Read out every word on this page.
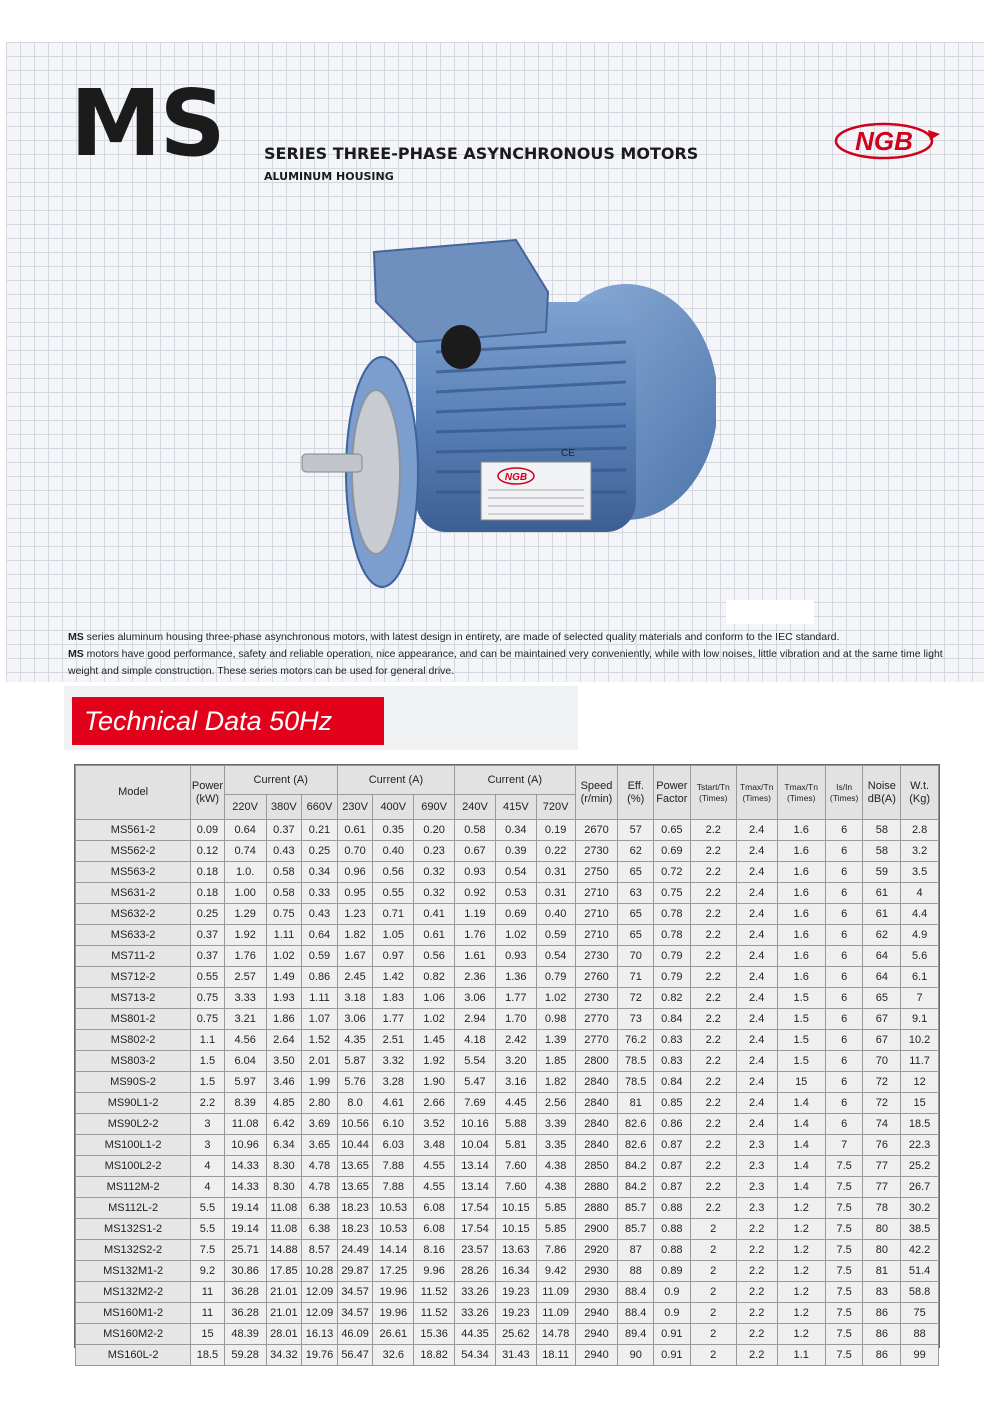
MS	SERIES THREE-PHASE ASYNCHRONOUS MOTORS
ALUMINUM HOUSING
NGB
NGB
CE

MS series aluminum housing three-phase asynchronous motors, with latest design in entirety, are made of selected quality materials and conform to the IEC standard.

MS motors have good performance, safety and reliable operation, nice appearance, and can be maintained very conveniently, while with low noises, little vibration and at the same time light weight and simple construction. These series motors can be used for general drive.

Technical Data 50Hz
Model	Power (kW)	Current (A)			Current (A)			Current (A)			Speed (r/min)	Eff. (%)	Power Factor	Tstart/Tn (Times)	Tmax/Tn (Times)	Tmax/Tn (Times)	Is/In (Times)	Noise dB(A)	W.t. (Kg)
		220V	380V	660V	230V	400V	690V	240V	415V	720V									
MS561-2	0.09	0.64	0.37	0.21	0.61	0.35	0.20	0.58	0.34	0.19	2670	57	0.65	2.2	2.4	1.6	6	58	2.8
MS562-2	0.12	0.74	0.43	0.25	0.70	0.40	0.23	0.67	0.39	0.22	2730	62	0.69	2.2	2.4	1.6	6	58	3.2
MS563-2	0.18	1.0.	0.58	0.34	0.96	0.56	0.32	0.93	0.54	0.31	2750	65	0.72	2.2	2.4	1.6	6	59	3.5
MS631-2	0.18	1.00	0.58	0.33	0.95	0.55	0.32	0.92	0.53	0.31	2710	63	0.75	2.2	2.4	1.6	6	61	4
MS632-2	0.25	1.29	0.75	0.43	1.23	0.71	0.41	1.19	0.69	0.40	2710	65	0.78	2.2	2.4	1.6	6	61	4.4
MS633-2	0.37	1.92	1.11	0.64	1.82	1.05	0.61	1.76	1.02	0.59	2710	65	0.78	2.2	2.4	1.6	6	62	4.9
MS711-2	0.37	1.76	1.02	0.59	1.67	0.97	0.56	1.61	0.93	0.54	2730	70	0.79	2.2	2.4	1.6	6	64	5.6
MS712-2	0.55	2.57	1.49	0.86	2.45	1.42	0.82	2.36	1.36	0.79	2760	71	0.79	2.2	2.4	1.6	6	64	6.1
MS713-2	0.75	3.33	1.93	1.11	3.18	1.83	1.06	3.06	1.77	1.02	2730	72	0.82	2.2	2.4	1.5	6	65	7
MS801-2	0.75	3.21	1.86	1.07	3.06	1.77	1.02	2.94	1.70	0.98	2770	73	0.84	2.2	2.4	1.5	6	67	9.1
MS802-2	1.1	4.56	2.64	1.52	4.35	2.51	1.45	4.18	2.42	1.39	2770	76.2	0.83	2.2	2.4	1.5	6	67	10.2
MS803-2	1.5	6.04	3.50	2.01	5.87	3.32	1.92	5.54	3.20	1.85	2800	78.5	0.83	2.2	2.4	1.5	6	70	11.7
MS90S-2	1.5	5.97	3.46	1.99	5.76	3.28	1.90	5.47	3.16	1.82	2840	78.5	0.84	2.2	2.4	15	6	72	12
MS90L1-2	2.2	8.39	4.85	2.80	8.0	4.61	2.66	7.69	4.45	2.56	2840	81	0.85	2.2	2.4	1.4	6	72	15
MS90L2-2	3	11.08	6.42	3.69	10.56	6.10	3.52	10.16	5.88	3.39	2840	82.6	0.86	2.2	2.4	1.4	6	74	18.5
MS100L1-2	3	10.96	6.34	3.65	10.44	6.03	3.48	10.04	5.81	3.35	2840	82.6	0.87	2.2	2.3	1.4	7	76	22.3
MS100L2-2	4	14.33	8.30	4.78	13.65	7.88	4.55	13.14	7.60	4.38	2850	84.2	0.87	2.2	2.3	1.4	7.5	77	25.2
MS112M-2	4	14.33	8.30	4.78	13.65	7.88	4.55	13.14	7.60	4.38	2880	84.2	0.87	2.2	2.3	1.4	7.5	77	26.7
MS112L-2	5.5	19.14	11.08	6.38	18.23	10.53	6.08	17.54	10.15	5.85	2880	85.7	0.88	2.2	2.3	1.2	7.5	78	30.2
MS132S1-2	5.5	19.14	11.08	6.38	18.23	10.53	6.08	17.54	10.15	5.85	2900	85.7	0.88	2	2.2	1.2	7.5	80	38.5
MS132S2-2	7.5	25.71	14.88	8.57	24.49	14.14	8.16	23.57	13.63	7.86	2920	87	0.88	2	2.2	1.2	7.5	80	42.2
MS132M1-2	9.2	30.86	17.85	10.28	29.87	17.25	9.96	28.26	16.34	9.42	2930	88	0.89	2	2.2	1.2	7.5	81	51.4
MS132M2-2	11	36.28	21.01	12.09	34.57	19.96	11.52	33.26	19.23	11.09	2930	88.4	0.9	2	2.2	1.2	7.5	83	58.8
MS160M1-2	11	36.28	21.01	12.09	34.57	19.96	11.52	33.26	19.23	11.09	2940	88.4	0.9	2	2.2	1.2	7.5	86	75
MS160M2-2	15	48.39	28.01	16.13	46.09	26.61	15.36	44.35	25.62	14.78	2940	89.4	0.91	2	2.2	1.2	7.5	86	88
MS160L-2	18.5	59.28	34.32	19.76	56.47	32.6	18.82	54.34	31.43	18.11	2940	90	0.91	2	2.2	1.1	7.5	86	99
